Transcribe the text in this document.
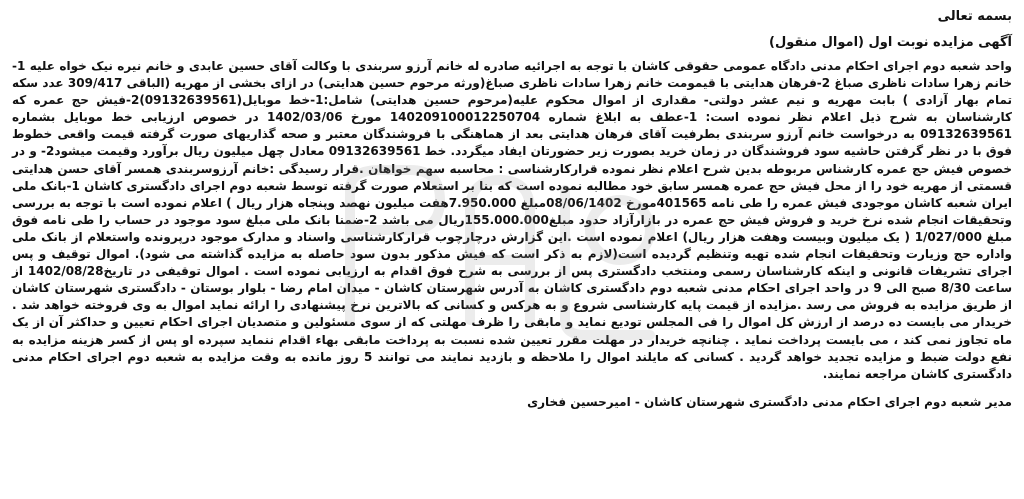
بسمه تعالی

آگهی مزایده نوبت اول (اموال منقول)

واحد شعبه دوم اجرای احکام مدنی دادگاه عمومی حقوقی کاشان با توجه به اجرائیه صادره له خانم آرزو سربندی با وکالت آقای حسین عابدی و خانم نیره نیک خواه علیه 1-خانم زهرا سادات ناظری صباغ 2-فرهان هدایتی با قیمومت خانم زهرا سادات ناظری صباغ(ورثه مرحوم حسین هدایتی) در ازای بخشی از مهریه (الباقی 309/417 عدد سکه تمام بهار آزادی ) بابت مهریه و نیم عشر دولتی- مقداری از اموال محکوم علیه(مرحوم حسین هدایتی) شامل:1-خط موبایل(09132639561)2-فیش حج عمره که کارشناسان به شرح ذیل اعلام نظر نموده است: 1-عطف به ابلاغ شماره 140209100012250704 مورخ 1402/03/06 در خصوص ارزیابی خط موبایل بشماره 09132639561 به درخواست خانم آرزو سربندی بطرفیت آقای فرهان هدایتی بعد از هماهنگی با فروشندگان معتبر و صحه گذاریهای صورت گرفته قیمت واقعی خطوط فوق با در نظر گرفتن حاشیه سود فروشندگان در زمان خرید بصورت زیر حضورتان ایفاد میگردد. خط 09132639561 معادل چهل میلیون ریال برآورد وقیمت میشود2- و در خصوص فیش حج عمره کارشناس مربوطه بدین شرح اعلام نظر نموده قرارکارشناسی : محاسبه سهم خواهان .قرار رسیدگی :خانم آرزوسربندی همسر آقای حسن هدایتی قسمتی از مهریه خود را از محل فیش حج عمره همسر سابق خود مطالبه نموده است که بنا بر استعلام صورت گرفته توسط شعبه دوم اجرای دادگستری کاشان 1-بانک ملی ایران شعبه کاشان موجودی فیش عمره را طی نامه 401565مورخ 08/06/1402مبلغ 7.950.000هفت میلیون نهصد وپنجاه هزار ریال ) اعلام نموده است با توجه به بررسی وتحقیقات انجام شده نرخ خرید و فروش فیش حج عمره در بازارآزاد حدود مبلغ155.000.000ریال می باشد 2-ضمنا بانک ملی مبلغ سود موجود در حساب را طی نامه فوق مبلغ 1/027/000 ( یک میلیون وبیست وهفت هزار ریال) اعلام نموده است .این گزارش درچارچوب قرارکارشناسی واسناد و مدارک موجود درپرونده واستعلام از بانک ملی واداره حج وزیارت وتحقیقات انجام شده تهیه وتنظیم گردیده است(لازم به ذکر است که فیش مذکور بدون سود حاصله به مزایده گذاشته می شود). اموال توقیف و پس اجرای تشریفات قانونی و اینکه کارشناسان رسمی ومنتخب دادگستری پس از بررسی به شرح فوق اقدام به ارزیابی نموده است . اموال توقیفی در تاریخ1402/08/28 از ساعت 8/30 صبح الی 9 در واحد اجرای احکام مدنی شعبه دوم دادگستری کاشان به آدرس شهرستان کاشان - میدان امام رضا - بلوار بوستان - دادگستری شهرستان کاشان از طریق مزایده به فروش می رسد .مزایده از قیمت پایه کارشناسی شروع و به هرکس و کسانی که بالاترین نرخ پیشنهادی را ارائه نماید اموال به وی فروخته خواهد شد . خریدار می بایست ده درصد از ارزش کل اموال را فی المجلس تودیع نماید و مابقی را ظرف مهلتی که از سوی مسئولین و متصدیان اجرای احکام تعیین و حداکثر آن از یک ماه تجاوز نمی کند ، می بایست پرداخت نماید . چنانچه خریدار در مهلت مقرر تعیین شده نسبت به پرداخت مابقی بهاء اقدام ننماید سپرده او پس از کسر هزینه مزایده به نفع دولت ضبط و مزایده تجدید خواهد گردید . کسانی که مایلند اموال را ملاحظه و بازدید نمایند می توانند 5 روز مانده به وقت مزایده به شعبه دوم اجرای احکام مدنی دادگستری کاشان مراجعه نمایند.

مدیر شعبه دوم اجرای احکام مدنی دادگستری شهرستان کاشان - امیرحسین فخاری
